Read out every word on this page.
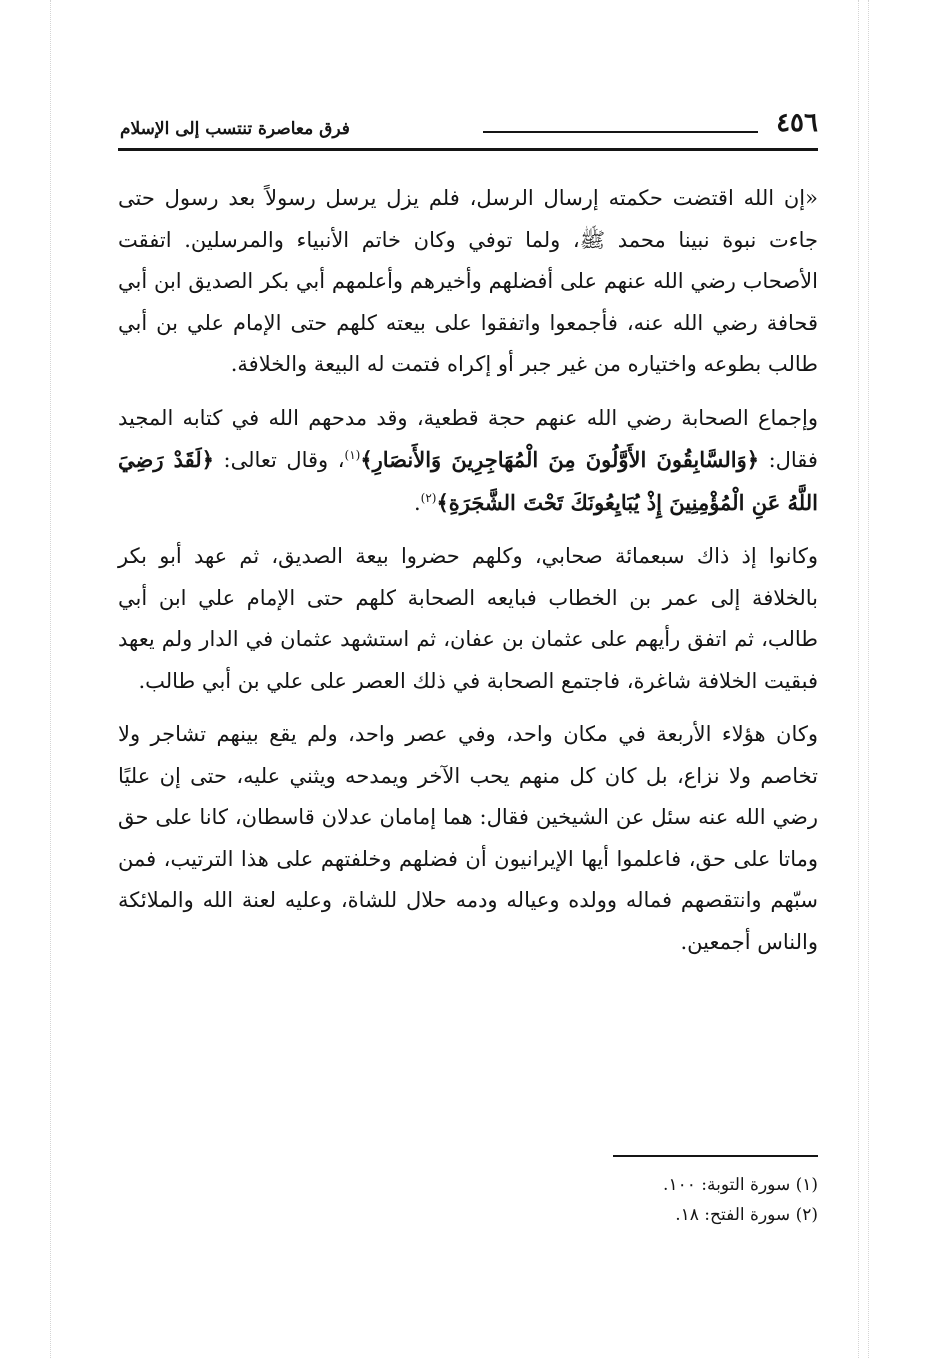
٤٥٦
فرق معاصرة تنتسب إلى الإسلام

«إن الله اقتضت حكمته إرسال الرسل، فلم يزل يرسل رسولاً بعد رسول حتى جاءت نبوة نبينا محمد ﷺ، ولما توفي وكان خاتم الأنبياء والمرسلين. اتفقت الأصحاب رضي الله عنهم على أفضلهم وأخيرهم وأعلمهم أبي بكر الصديق ابن أبي قحافة رضي الله عنه، فأجمعوا واتفقوا على بيعته كلهم حتى الإمام علي بن أبي طالب بطوعه واختياره من غير جبر أو إكراه فتمت له البيعة والخلافة.

وإجماع الصحابة رضي الله عنهم حجة قطعية، وقد مدحهم الله في كتابه المجيد فقال: ﴿وَالسَّابِقُونَ الأَوَّلُونَ مِنَ الْمُهَاجِرِينَ وَالأَنصَارِ﴾$^{(١)}$، وقال تعالى: ﴿لَقَدْ رَضِيَ اللَّهُ عَنِ الْمُؤْمِنِينَ إِذْ يُبَايِعُونَكَ تَحْتَ الشَّجَرَةِ﴾$^{(٢)}$.

وكانوا إذ ذاك سبعمائة صحابي، وكلهم حضروا بيعة الصديق، ثم عهد أبو بكر بالخلافة إلى عمر بن الخطاب فبايعه الصحابة كلهم حتى الإمام علي ابن أبي طالب، ثم اتفق رأيهم على عثمان بن عفان، ثم استشهد عثمان في الدار ولم يعهد فبقيت الخلافة شاغرة، فاجتمع الصحابة في ذلك العصر على علي بن أبي طالب.

وكان هؤلاء الأربعة في مكان واحد، وفي عصر واحد، ولم يقع بينهم تشاجر ولا تخاصم ولا نزاع، بل كان كل منهم يحب الآخر ويمدحه ويثني عليه، حتى إن عليًا رضي الله عنه سئل عن الشيخين فقال: هما إمامان عدلان قاسطان، كانا على حق وماتا على حق، فاعلموا أيها الإيرانيون أن فضلهم وخلفتهم على هذا الترتيب، فمن سبّهم وانتقصهم فماله وولده وعياله ودمه حلال للشاة، وعليه لعنة الله والملائكة والناس أجمعين.

(١) سورة التوبة: ١٠٠.
(٢) سورة الفتح: ١٨.
